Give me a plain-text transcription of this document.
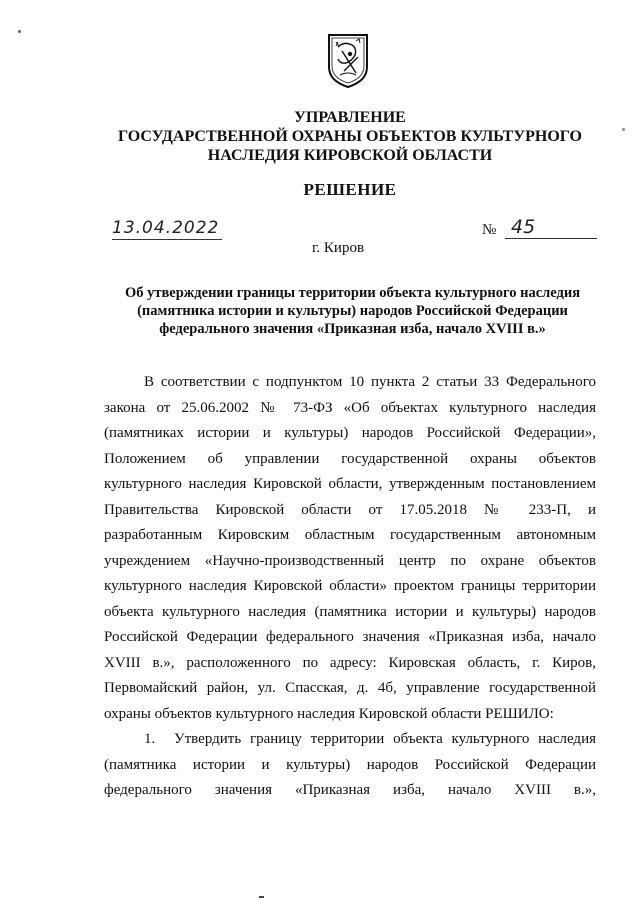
УПРАВЛЕНИЕ
ГОСУДАРСТВЕННОЙ ОХРАНЫ ОБЪЕКТОВ КУЛЬТУРНОГО
НАСЛЕДИЯ КИРОВСКОЙ ОБЛАСТИ
РЕШЕНИЕ
13.04.2022	№ 45
г. Киров
Об утверждении границы территории объекта культурного наследия
(памятника истории и культуры) народов Российской Федерации
федерального значения «Приказная изба, начало XVIII в.»
В соответствии с подпунктом 10 пункта 2 статьи 33 Федерального
закона от 25.06.2002 № 73-ФЗ «Об объектах культурного наследия
(памятниках истории и культуры) народов Российской Федерации»,
Положением об управлении государственной охраны объектов
культурного наследия Кировской области, утвержденным постановлением
Правительства Кировской области от 17.05.2018 № 233-П, и
разработанным Кировским областным государственным автономным
учреждением «Научно-производственный центр по охране объектов
культурного наследия Кировской области» проектом границы территории
объекта культурного наследия (памятника истории и культуры) народов
Российской Федерации федерального значения «Приказная изба, начало
XVIII в.», расположенного по адресу: Кировская область, г. Киров,
Первомайский район, ул. Спасская, д. 4б, управление государственной
охраны объектов культурного наследия Кировской области РЕШИЛО:
1. Утвердить границу территории объекта культурного наследия
(памятника истории и культуры) народов Российской Федерации
федерального значения «Приказная изба, начало XVIII в.»,
